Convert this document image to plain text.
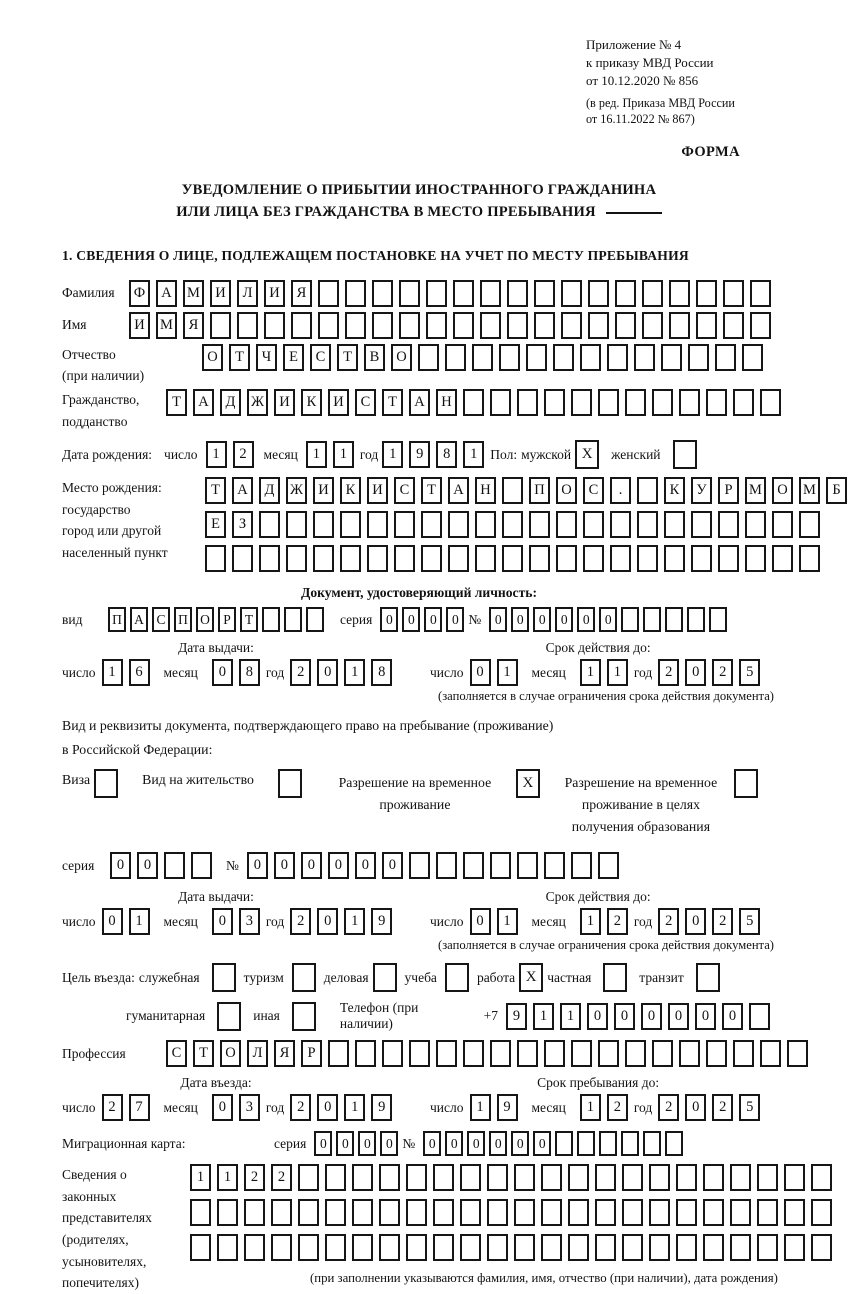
Приложение № 4
к приказу МВД России
от 10.12.2020 № 856
(в ред. Приказа МВД России
от 16.11.2022 № 867)
ФОРМА
УВЕДОМЛЕНИЕ О ПРИБЫТИИ ИНОСТРАННОГО ГРАЖДАНИНА
ИЛИ ЛИЦА БЕЗ ГРАЖДАНСТВА В МЕСТО ПРЕБЫВАНИЯ
1. СВЕДЕНИЯ О ЛИЦЕ, ПОДЛЕЖАЩЕМ ПОСТАНОВКЕ НА УЧЕТ ПО МЕСТУ ПРЕБЫВАНИЯ
Фамилия	Ф	А	М	И	Л	И	Я
Имя	И	М	Я
Отчество
(при наличии)
О	Т	Ч	Е	С	Т	В	О
Гражданство,
подданство
Т	А	Д	Ж	И	К	И	С	Т	А	Н
Дата рождения: число	1	2	месяц	1	1 год 1	9	8	1 Пол: мужской X	женский
Место рождения:
государство
город или другой
населенный пункт
Т	А	Д	Ж	И	К	И	С	Т	А	Н	П	О	С	.	К	У	Р	М	О	М	Б
Е	З
Документ, удостоверяющий личность:
вид	П А С П О Р	Т	серия	0	0	0	0 №	0	0	0	0	0	0
Дата выдачи:
число 1	6	месяц	0	8 год 2	0	1	8
Срок действия до:
число 0	1	месяц	1	1 год 2	0	2	5
(заполняется в случае ограничения срока действия документа)
Вид и реквизиты документа, подтверждающего право на пребывание (проживание)
в Российской Федерации:
Виза	Вид на жительство	Разрешение на временное
проживание
X	Разрешение на временное
проживание в целях
получения образования
серия	0	0	№	0	0	0	0	0	0
Дата выдачи:
число 0	1	месяц	0	3 год 2	0	1	9
Срок действия до:
число 0	1	месяц	1	2 год 2	0	2	5
(заполняется в случае ограничения срока действия документа)
Цель въезда: служебная	туризм	деловая	учеба	работа X частная	транзит
гуманитарная	иная
Телефон (при наличии)
+7	9	1	1	0	0	0	0	0	0
Профессия	С	Т	О	Л	Я	Р
Дата въезда:
число 2	7	месяц	0	3 год 2	0	1	9
Срок пребывания до:
число 1	9	месяц	1	2 год 2	0	2	5
Миграционная карта:	серия	0	0	0	0 №	0	0	0	0	0	0
Сведения о
законных
представителях
(родителях,
усыновителях,
попечителях)
1	1	2	2
(при заполнении указываются фамилия, имя, отчество (при наличии), дата рождения)
